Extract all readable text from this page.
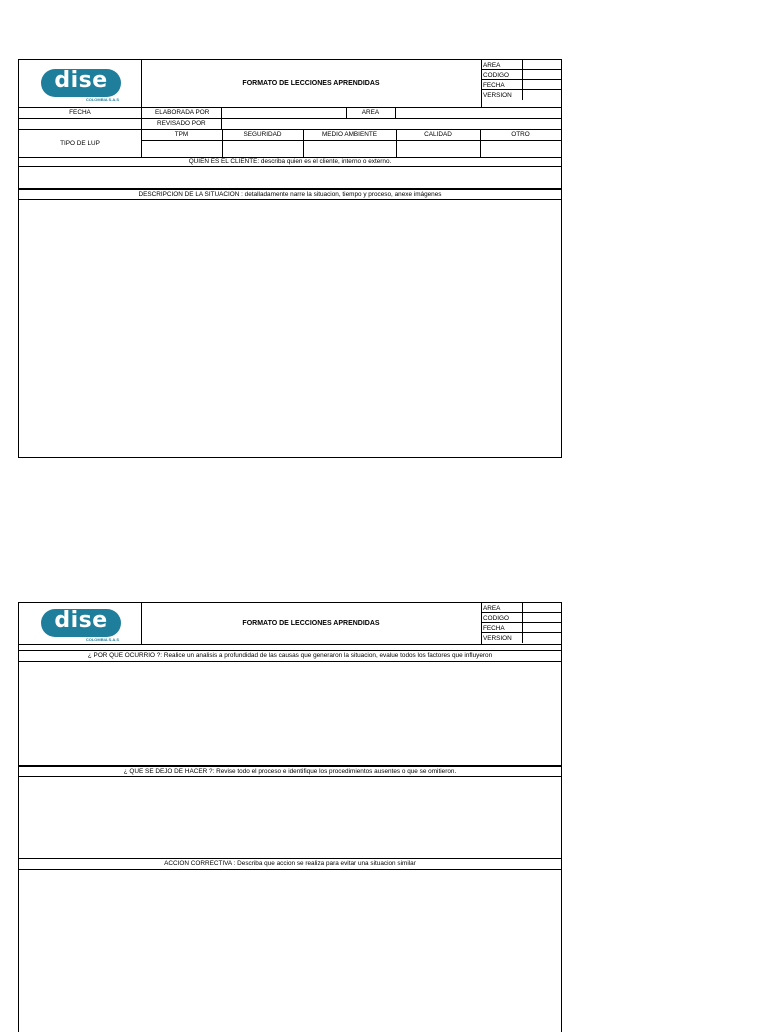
dise
COLOMBIA S.A.S
FORMATO DE LECCIONES APRENDIDAS
AREA
CODIGO
FECHA
VERSION
FECHA	ELABORADA POR	AREA
REVISADO POR
TIPO DE LUP
TPM	SEGURIDAD	MEDIO AMBIENTE	CALIDAD	OTRO
QUIEN ES EL CLIENTE: describa quien es el cliente, interno o externo.
DESCRIPCION DE LA SITUACION : detalladamente narre la situacion, tiempo y proceso, anexe imágenes
dise
COLOMBIA S.A.S
FORMATO DE LECCIONES APRENDIDAS
AREA
CODIGO
FECHA
VERSION
¿ POR QUE OCURRIO ?: Realice un analisis a profundidad de las causas que generaron la situacion, evalue todos los factores que influyeron
¿ QUE SE DEJO DE HACER ?: Revise todo el proceso e identifique los procedimientos ausentes o que se omitieron.
ACCION CORRECTIVA : Describa que accion se realiza para evitar una situacion similar
